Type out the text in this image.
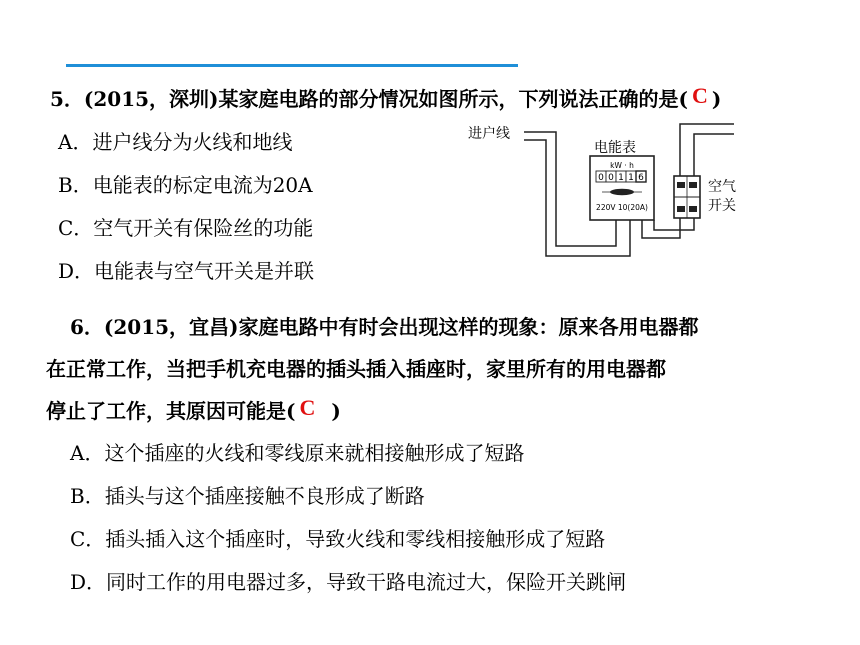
5．(2015，深圳)某家庭电路的部分情况如图所示，下列说法正确的是( C )
A．进户线分为火线和地线
B．电能表的标定电流为20A
C．空气开关有保险丝的功能
D．电能表与空气开关是并联
进户线
电能表
kW · h
0 0 1 1 6
220V 10(20A)
空气
开关
6．(2015，宜昌)家庭电路中有时会出现这样的现象：原来各用电器都
在正常工作，当把手机充电器的插头插入插座时，家里所有的用电器都
停止了工作，其原因可能是( C )
A．这个插座的火线和零线原来就相接触形成了短路
B．插头与这个插座接触不良形成了断路
C．插头插入这个插座时，导致火线和零线相接触形成了短路
D．同时工作的用电器过多，导致干路电流过大，保险开关跳闸
